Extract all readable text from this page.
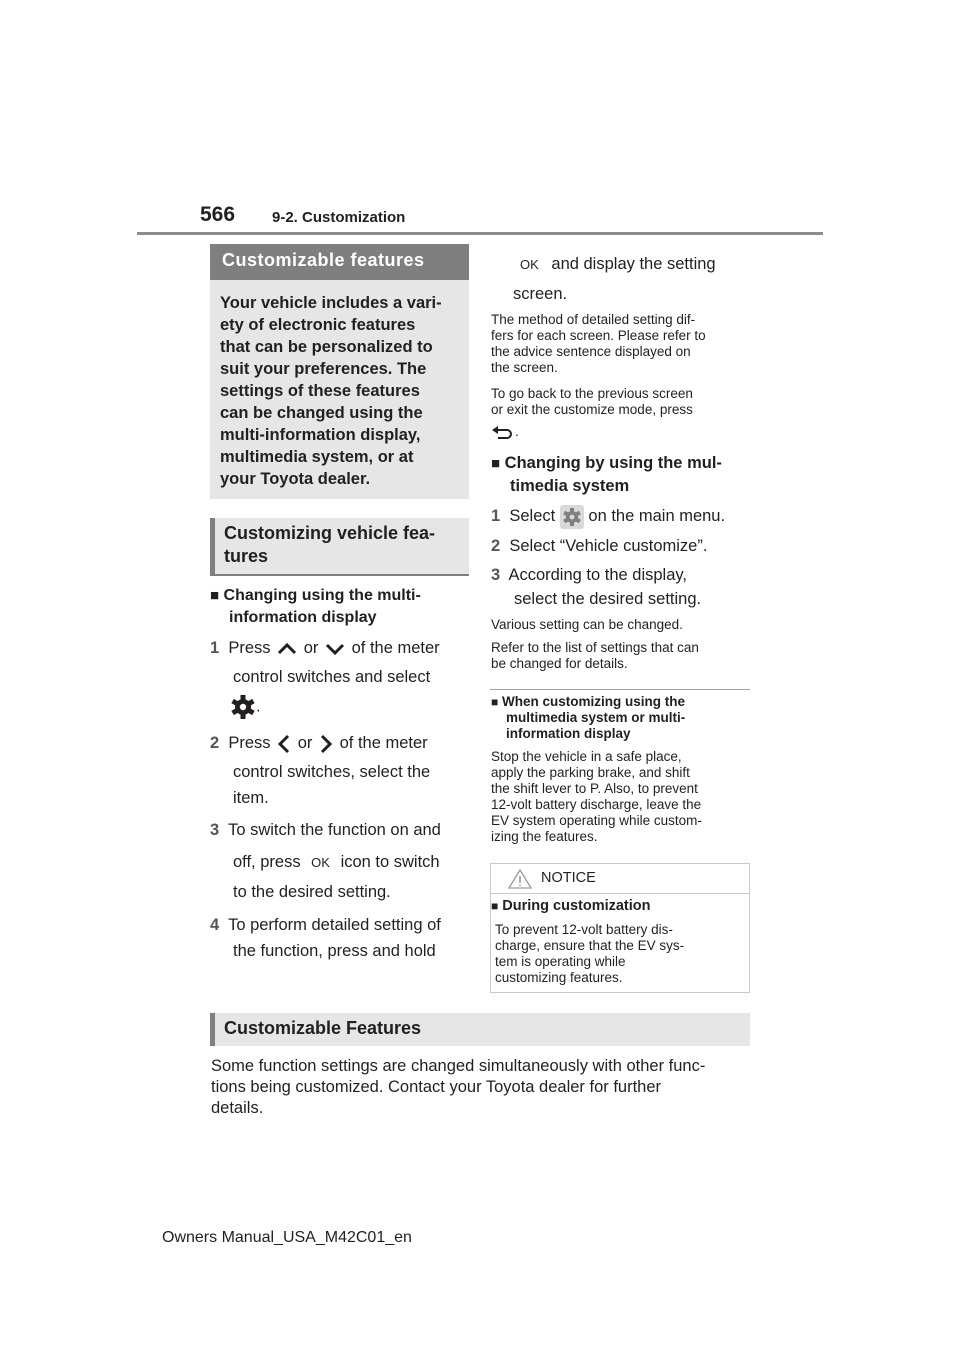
566 9-2. Customization
Customizable features
Your vehicle includes a vari-
ety of electronic features
that can be personalized to
suit your preferences. The
settings of these features
can be changed using the
multi-information display,
multimedia system, or at
your Toyota dealer.
Customizing vehicle fea-
tures
■ Changing using the multi-
information display
1 Press or of the meter
control switches and select
.
2 Press or of the meter
control switches, select the
item.
3 To switch the function on and
off, press OK icon to switch
to the desired setting.
4 To perform detailed setting of
the function, press and hold
OK and display the setting
screen.
The method of detailed setting dif-
fers for each screen. Please refer to
the advice sentence displayed on
the screen.
To go back to the previous screen
or exit the customize mode, press
.
■ Changing by using the mul-
timedia system
1 Select on the main menu.
2 Select “Vehicle customize”.
3 According to the display,
select the desired setting.
Various setting can be changed.
Refer to the list of settings that can
be changed for details.
■ When customizing using the
multimedia system or multi-
information display
Stop the vehicle in a safe place,
apply the parking brake, and shift
the shift lever to P. Also, to prevent
12-volt battery discharge, leave the
EV system operating while custom-
izing the features.
NOTICE
■ During customization
To prevent 12-volt battery dis-
charge, ensure that the EV sys-
tem is operating while
customizing features.
Customizable Features
Some function settings are changed simultaneously with other func-
tions being customized. Contact your Toyota dealer for further
details.
Owners Manual_USA_M42C01_en
